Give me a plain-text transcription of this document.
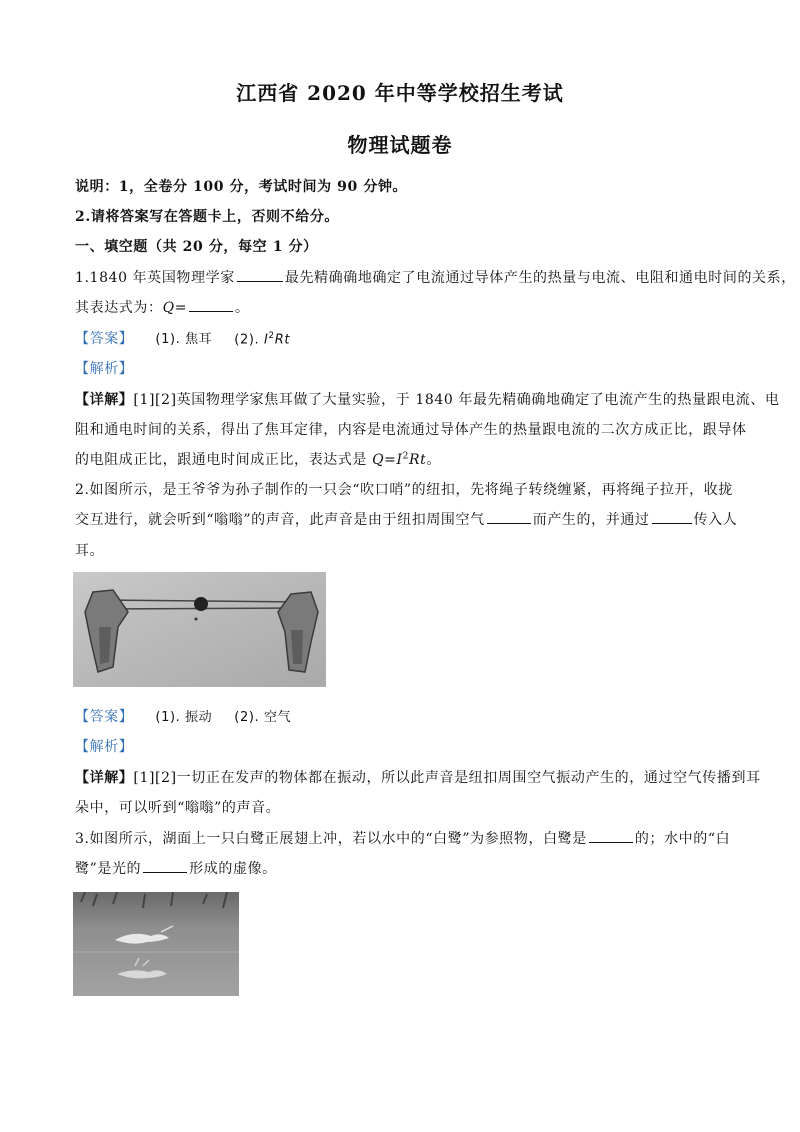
江西省 2020 年中等学校招生考试
物理试题卷
说明：1，全卷分 100 分，考试时间为 90 分钟。
2.请将答案写在答题卡上，否则不给分。
一、填空题（共 20 分，每空 1 分）
1.1840 年英国物理学家	最先精确确地确定了电流通过导体产生的热量与电流、电阻和通电时间的关系，
其表达式为：Q=	。
【答案】 (1). 焦耳 (2). $I^2Rt$
【解析】
【详解】[1][2]英国物理学家焦耳做了大量实验，于 1840 年最先精确确地确定了电流产生的热量跟电流、电
阻和通电时间的关系，得出了焦耳定律，内容是电流通过导体产生的热量跟电流的二次方成正比，跟导体
的电阻成正比，跟通电时间成正比，表达式是 $Q=I^2Rt$。
2.如图所示，是王爷爷为孙子制作的一只会“吹口哨”的纽扣，先将绳子转绕缠紧，再将绳子拉开，收拢
交互进行，就会听到“嗡嗡”的声音，此声音是由于纽扣周围空气	而产生的，并通过	传入人
耳。
【答案】 (1). 振动 (2). 空气
【解析】
【详解】[1][2]一切正在发声的物体都在振动，所以此声音是纽扣周围空气振动产生的，通过空气传播到耳
朵中，可以听到“嗡嗡”的声音。
3.如图所示，湖面上一只白鹭正展翅上冲，若以水中的“白鹭”为参照物，白鹭是	的；水中的“白
鹭”是光的	形成的虚像。
